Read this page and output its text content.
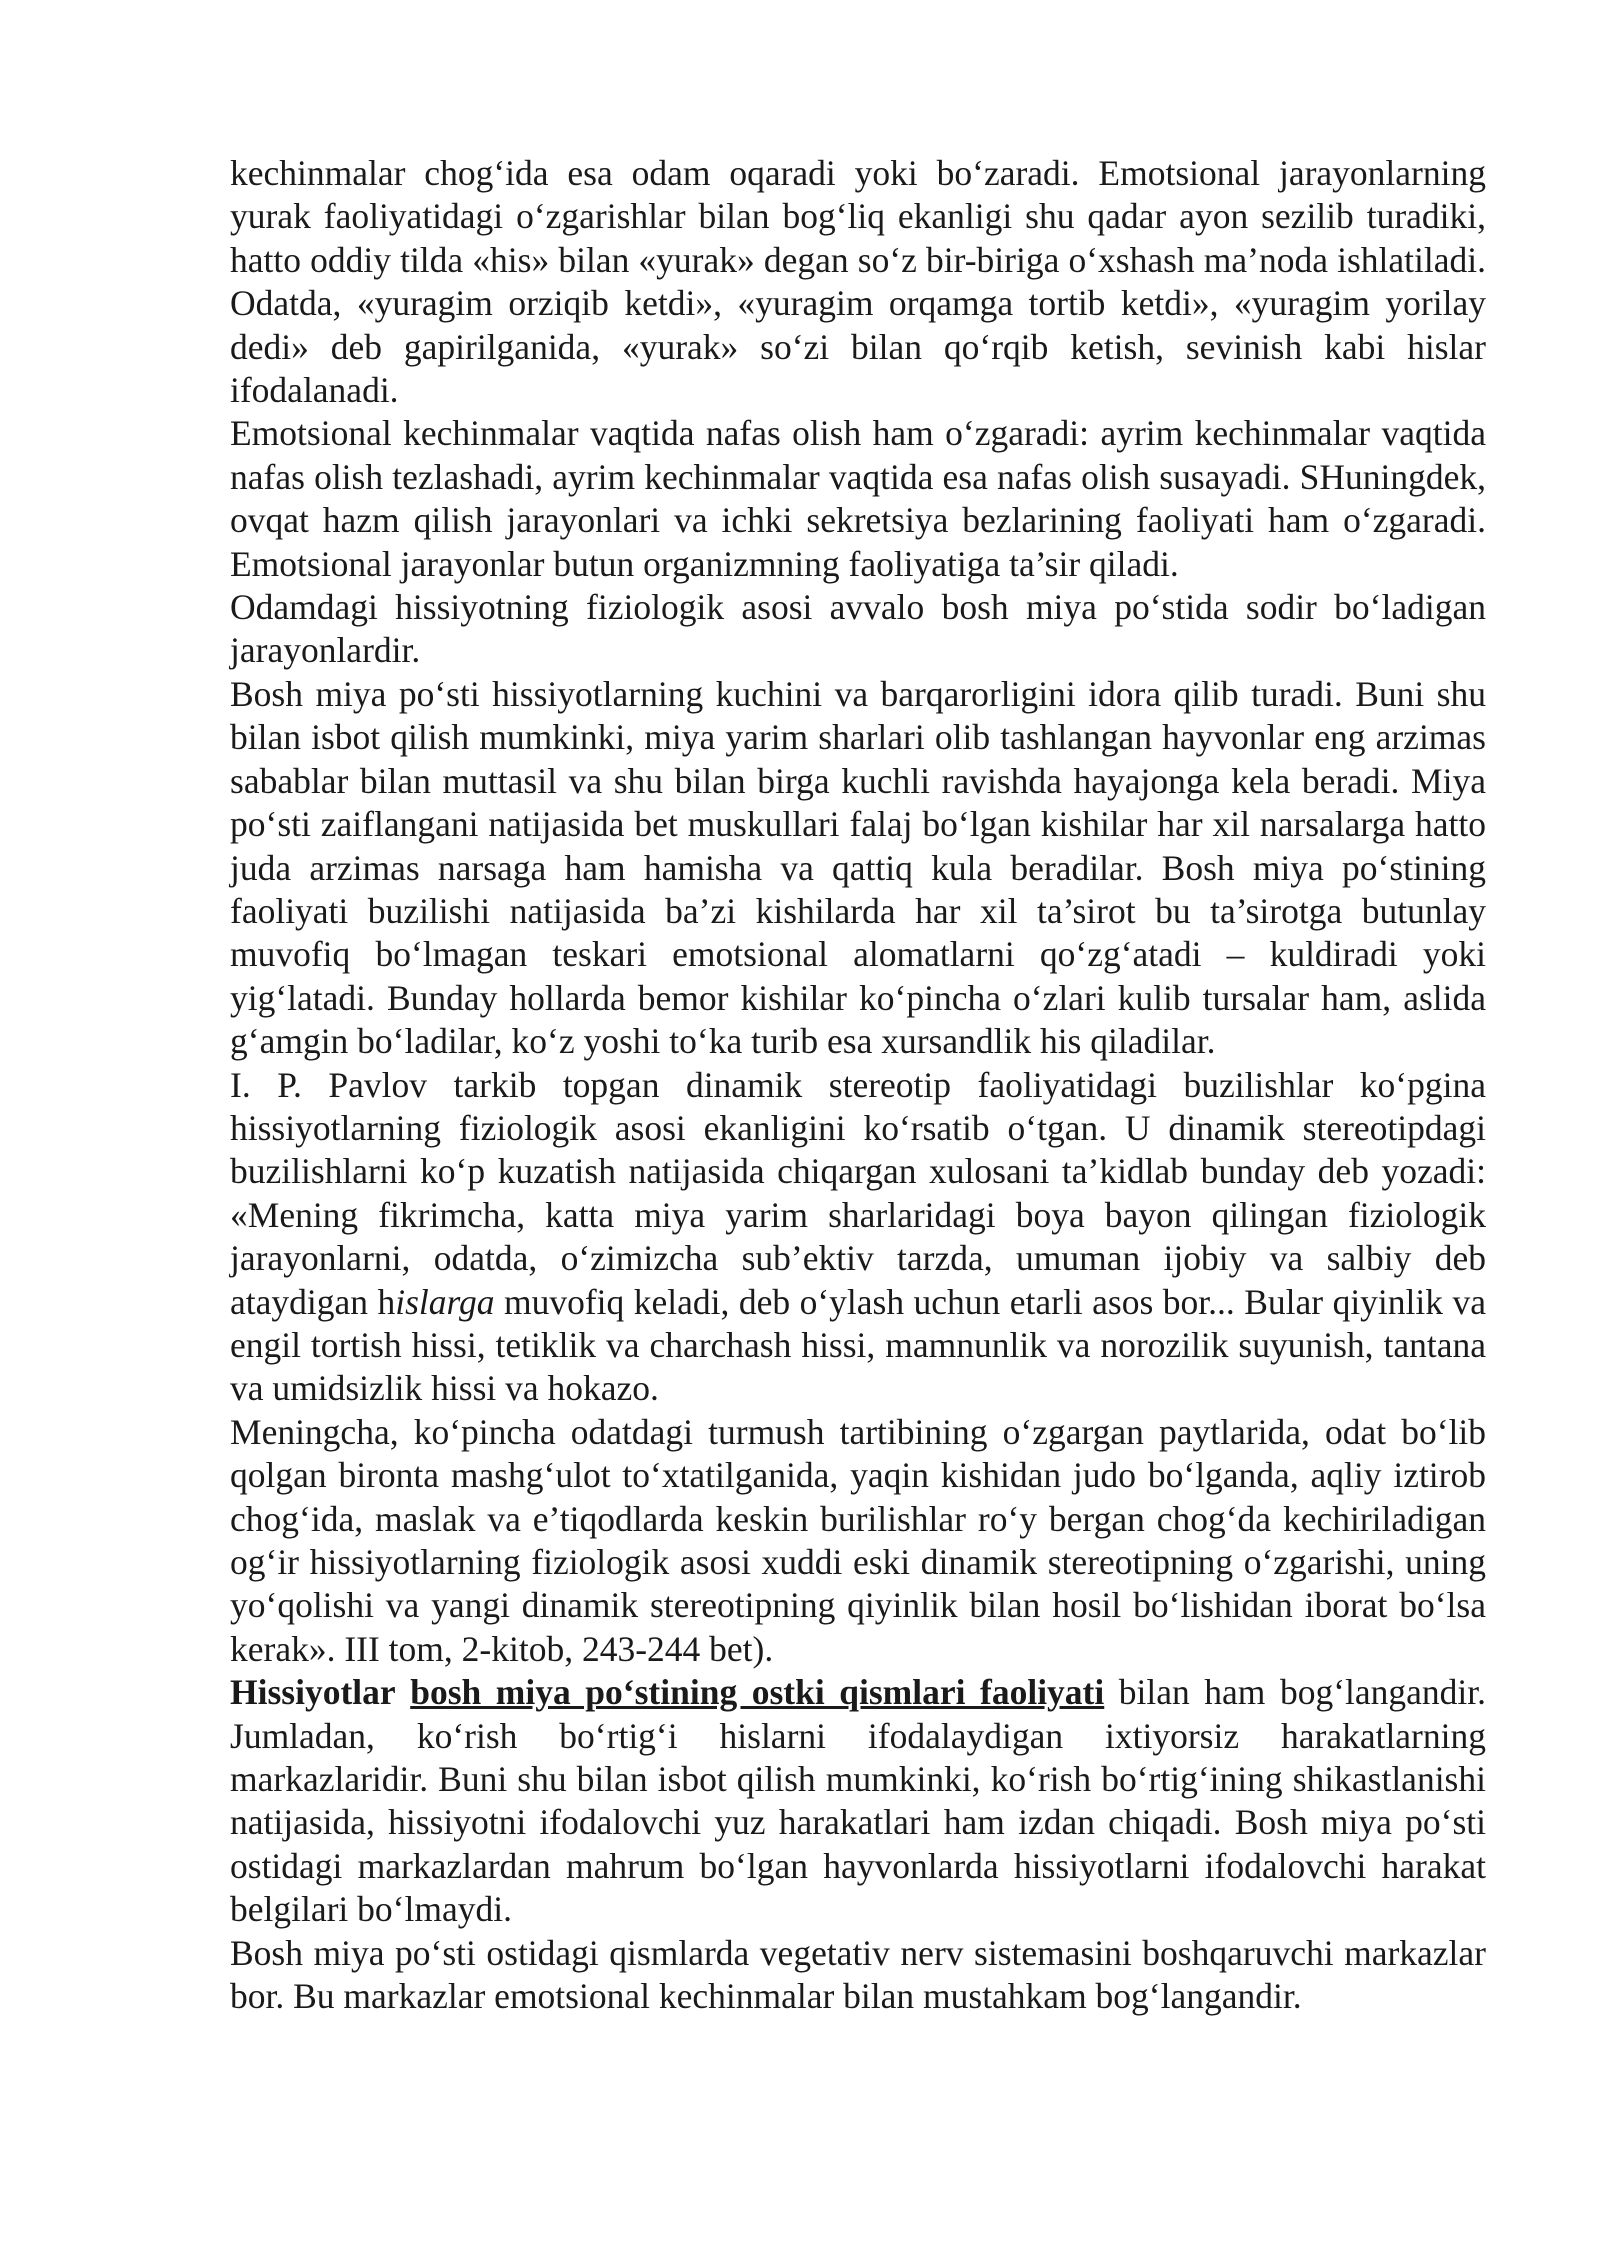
kechinmalar chog‘ida esa odam oqaradi yoki bo‘zaradi. Emotsional jarayonlarning yurak faoliyatidagi o‘zgarishlar bilan bog‘liq ekanligi shu qadar ayon sezilib turadiki, hatto oddiy tilda «his» bilan «yurak» degan so‘z bir-biriga o‘xshash ma’noda ishlatiladi. Odatda, «yuragim orziqib ketdi», «yuragim orqamga tortib ketdi», «yuragim yorilay dedi» deb gapirilganida, «yurak» so‘zi bilan qo‘rqib ketish, sevinish kabi hislar ifodalanadi.

Emotsional kechinmalar vaqtida nafas olish ham o‘zgaradi: ayrim kechinmalar vaqtida nafas olish tezlashadi, ayrim kechinmalar vaqtida esa nafas olish susayadi. SHuningdek, ovqat hazm qilish jarayonlari va ichki sekretsiya bezlarining faoliyati ham o‘zgaradi. Emotsional jarayonlar butun organizmning faoliyatiga ta’sir qiladi.

Odamdagi hissiyotning fiziologik asosi avvalo bosh miya po‘stida sodir bo‘ladigan jarayonlardir.

Bosh miya po‘sti hissiyotlarning kuchini va barqarorligini idora qilib turadi. Buni shu bilan isbot qilish mumkinki, miya yarim sharlari olib tashlangan hayvonlar eng arzimas sabablar bilan muttasil va shu bilan birga kuchli ravishda hayajonga kela beradi. Miya po‘sti zaiflangani natijasida bet muskullari falaj bo‘lgan kishilar har xil narsalarga hatto juda arzimas narsaga ham hamisha va qattiq kula beradilar. Bosh miya po‘stining faoliyati buzilishi natijasida ba’zi kishilarda har xil ta’sirot bu ta’sirotga butunlay muvofiq bo‘lmagan teskari emotsional alomatlarni qo‘zg‘atadi – kuldiradi yoki yig‘latadi. Bunday hollarda bemor kishilar ko‘pincha o‘zlari kulib tursalar ham, aslida g‘amgin bo‘ladilar, ko‘z yoshi to‘ka turib esa xursandlik his qiladilar.

I. P. Pavlov tarkib topgan dinamik stereotip faoliyatidagi buzilishlar ko‘pgina hissiyotlarning fiziologik asosi ekanligini ko‘rsatib o‘tgan. U dinamik stereotipdagi buzilishlarni ko‘p kuzatish natijasida chiqargan xulosani ta’kidlab bunday deb yozadi: «Mening fikrimcha, katta miya yarim sharlaridagi boya bayon qilingan fiziologik jarayonlarni, odatda, o‘zimizcha sub’ektiv tarzda, umuman ijobiy va salbiy deb ataydigan hislarga muvofiq keladi, deb o‘ylash uchun etarli asos bor... Bular qiyinlik va engil tortish hissi, tetiklik va charchash hissi, mamnunlik va norozilik suyunish, tantana va umidsizlik hissi va hokazo.

Meningcha, ko‘pincha odatdagi turmush tartibining o‘zgargan paytlarida, odat bo‘lib qolgan bironta mashg‘ulot to‘xtatilganida, yaqin kishidan judo bo‘lganda, aqliy iztirob chog‘ida, maslak va e’tiqodlarda keskin burilishlar ro‘y bergan chog‘da kechiriladigan og‘ir hissiyotlarning fiziologik asosi xuddi eski dinamik stereotipning o‘zgarishi, uning yo‘qolishi va yangi dinamik stereotipning qiyinlik bilan hosil bo‘lishidan iborat bo‘lsa kerak». III tom, 2-kitob, 243-244 bet).

Hissiyotlar bosh miya po‘stining ostki qismlari faoliyati bilan ham bog‘langandir. Jumladan, ko‘rish bo‘rtig‘i hislarni ifodalaydigan ixtiyorsiz harakatlarning markazlaridir. Buni shu bilan isbot qilish mumkinki, ko‘rish bo‘rtig‘ining shikastlanishi natijasida, hissiyotni ifodalovchi yuz harakatlari ham izdan chiqadi. Bosh miya po‘sti ostidagi markazlardan mahrum bo‘lgan hayvonlarda hissiyotlarni ifodalovchi harakat belgilari bo‘lmaydi.

Bosh miya po‘sti ostidagi qismlarda vegetativ nerv sistemasini boshqaruvchi markazlar bor. Bu markazlar emotsional kechinmalar bilan mustahkam bog‘langandir.
